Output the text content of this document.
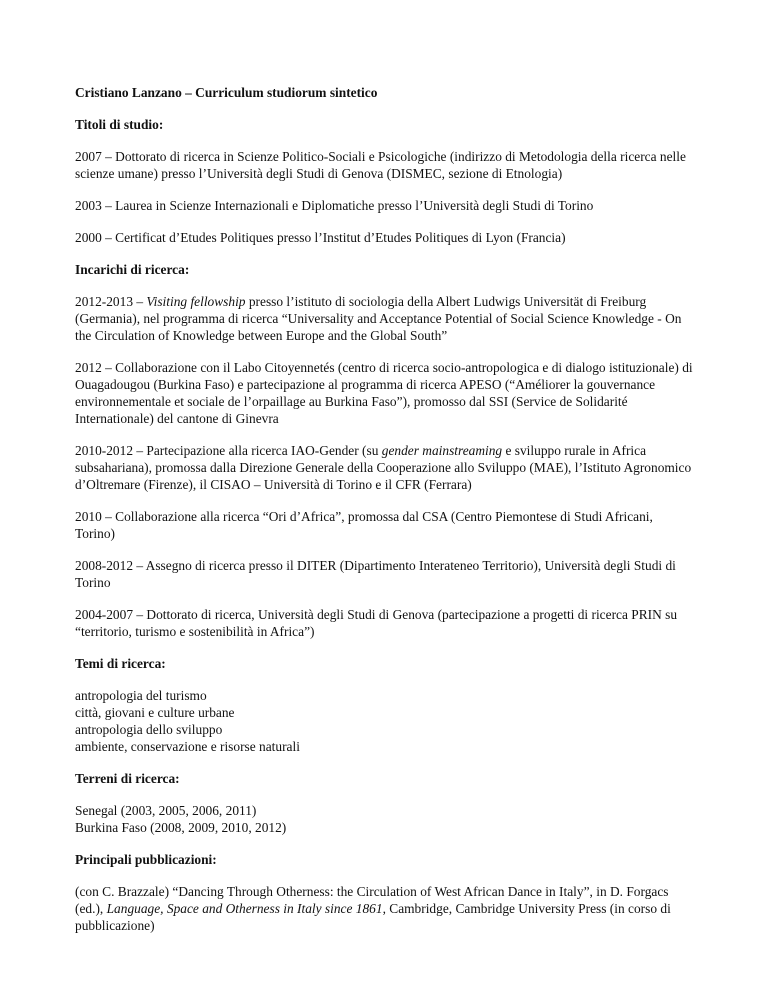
Cristiano Lanzano – Curriculum studiorum sintetico

Titoli di studio:

2007 – Dottorato di ricerca in Scienze Politico-Sociali e Psicologiche (indirizzo di Metodologia della ricerca nelle scienze umane) presso l’Università degli Studi di Genova (DISMEC, sezione di Etnologia)

2003 – Laurea in Scienze Internazionali e Diplomatiche presso l’Università degli Studi di Torino

2000 – Certificat d’Etudes Politiques presso l’Institut d’Etudes Politiques di Lyon (Francia)

Incarichi di ricerca:

2012-2013 – Visiting fellowship presso l’istituto di sociologia della Albert Ludwigs Universität di Freiburg (Germania), nel programma di ricerca “Universality and Acceptance Potential of Social Science Knowledge - On the Circulation of Knowledge between Europe and the Global South”

2012 – Collaborazione con il Labo Citoyennetés (centro di ricerca socio-antropologica e di dialogo istituzionale) di Ouagadougou (Burkina Faso) e partecipazione al programma di ricerca APESO (“Améliorer la gouvernance environnementale et sociale de l’orpaillage au Burkina Faso”), promosso dal SSI (Service de Solidarité Internationale) del cantone di Ginevra

2010-2012 – Partecipazione alla ricerca IAO-Gender (su gender mainstreaming e sviluppo rurale in Africa subsahariana), promossa dalla Direzione Generale della Cooperazione allo Sviluppo (MAE), l’Istituto Agronomico d’Oltremare (Firenze), il CISAO – Università di Torino e il CFR (Ferrara)

2010 – Collaborazione alla ricerca “Ori d’Africa”, promossa dal CSA (Centro Piemontese di Studi Africani, Torino)

2008-2012 – Assegno di ricerca presso il DITER (Dipartimento Interateneo Territorio), Università degli Studi di Torino

2004-2007 – Dottorato di ricerca, Università degli Studi di Genova (partecipazione a progetti di ricerca PRIN su “territorio, turismo e sostenibilità in Africa”)

Temi di ricerca:

antropologia del turismo
città, giovani e culture urbane
antropologia dello sviluppo
ambiente, conservazione e risorse naturali

Terreni di ricerca:

Senegal (2003, 2005, 2006, 2011)
Burkina Faso (2008, 2009, 2010, 2012)

Principali pubblicazioni:

(con C. Brazzale) “Dancing Through Otherness: the Circulation of West African Dance in Italy”, in D. Forgacs (ed.), Language, Space and Otherness in Italy since 1861, Cambridge, Cambridge University Press (in corso di pubblicazione)
